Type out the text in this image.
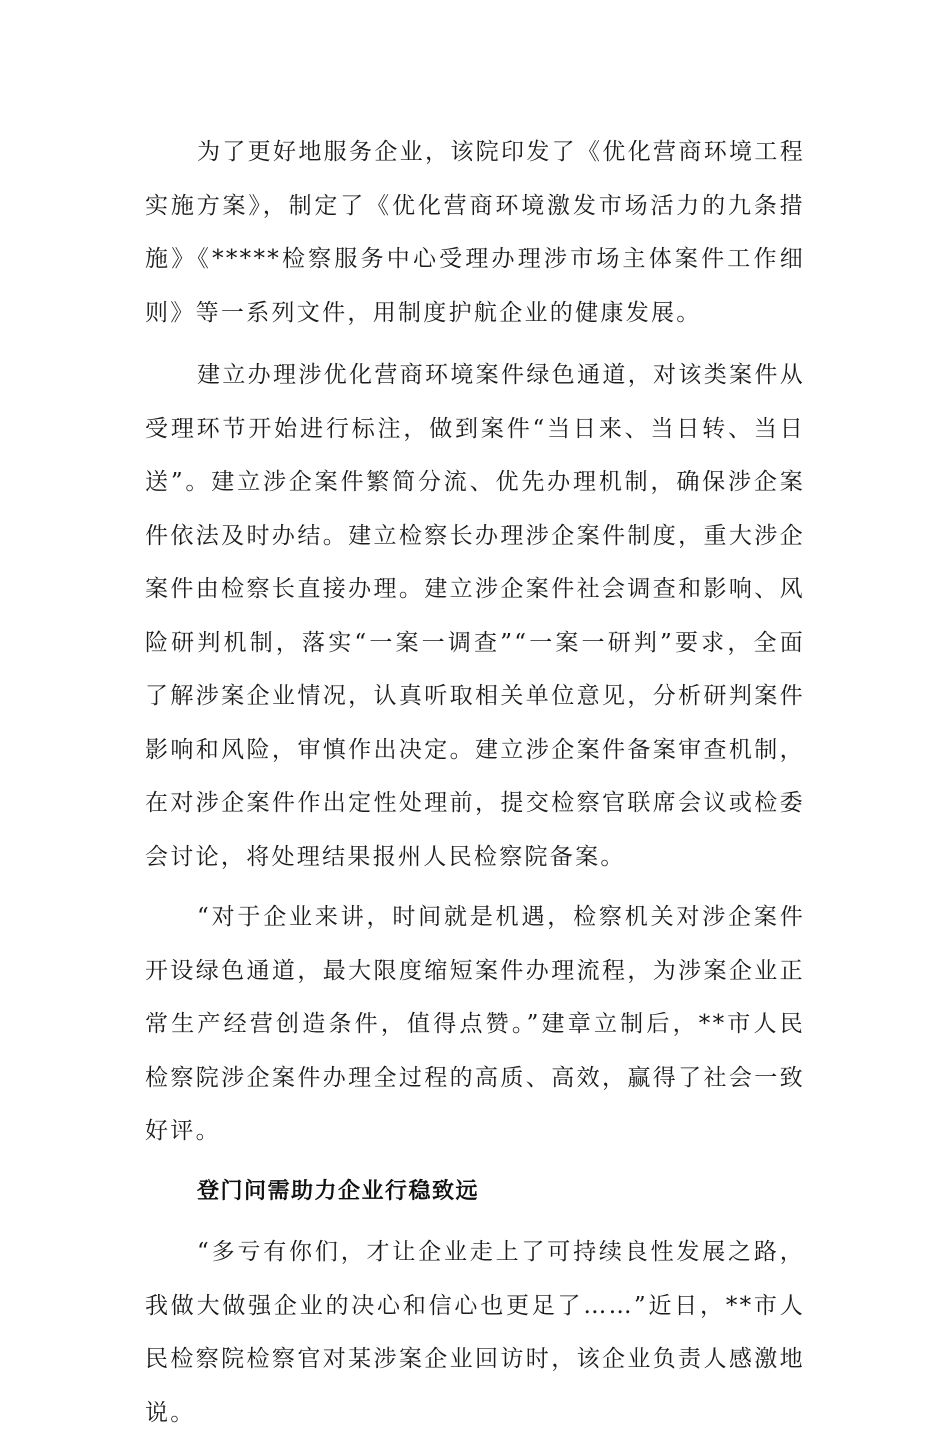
为了更好地服务企业，该院印发了《优化营商环境工程实施方案》，制定了《优化营商环境激发市场活力的九条措施》《*****检察服务中心受理办理涉市场主体案件工作细则》等一系列文件，用制度护航企业的健康发展。

建立办理涉优化营商环境案件绿色通道，对该类案件从受理环节开始进行标注，做到案件“当日来、当日转、当日送”。建立涉企案件繁简分流、优先办理机制，确保涉企案件依法及时办结。建立检察长办理涉企案件制度，重大涉企案件由检察长直接办理。建立涉企案件社会调查和影响、风险研判机制，落实“一案一调查”“一案一研判”要求，全面了解涉案企业情况，认真听取相关单位意见，分析研判案件影响和风险，审慎作出决定。建立涉企案件备案审查机制，在对涉企案件作出定性处理前，提交检察官联席会议或检委会讨论，将处理结果报州人民检察院备案。

“对于企业来讲，时间就是机遇，检察机关对涉企案件开设绿色通道，最大限度缩短案件办理流程，为涉案企业正常生产经营创造条件，值得点赞。”建章立制后，**市人民检察院涉企案件办理全过程的高质、高效，赢得了社会一致好评。

登门问需助力企业行稳致远

“多亏有你们，才让企业走上了可持续良性发展之路，我做大做强企业的决心和信心也更足了……”近日，**市人民检察院检察官对某涉案企业回访时，该企业负责人感激地说。
